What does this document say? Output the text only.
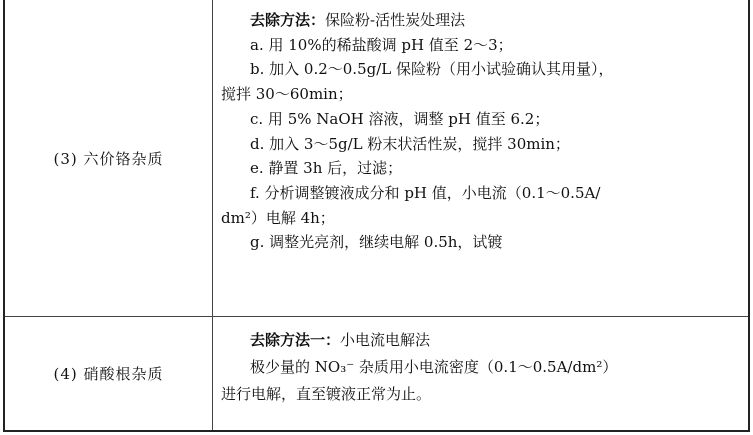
(3) 六价铬杂质
去除方法：保险粉-活性炭处理法
a. 用 10%的稀盐酸调 pH 值至 2～3；
b. 加入 0.2～0.5g/L 保险粉（用小试验确认其用量），
搅拌 30～60min；
c. 用 5% NaOH 溶液，调整 pH 值至 6.2；
d. 加入 3～5g/L 粉末状活性炭，搅拌 30min；
e. 静置 3h 后，过滤；
f. 分析调整镀液成分和 pH 值，小电流（0.1～0.5A/
dm²）电解 4h；
g. 调整光亮剂，继续电解 0.5h，试镀
(4) 硝酸根杂质
去除方法一：小电流电解法
极少量的 NO₃⁻ 杂质用小电流密度（0.1～0.5A/dm²）
进行电解，直至镀液正常为止。
